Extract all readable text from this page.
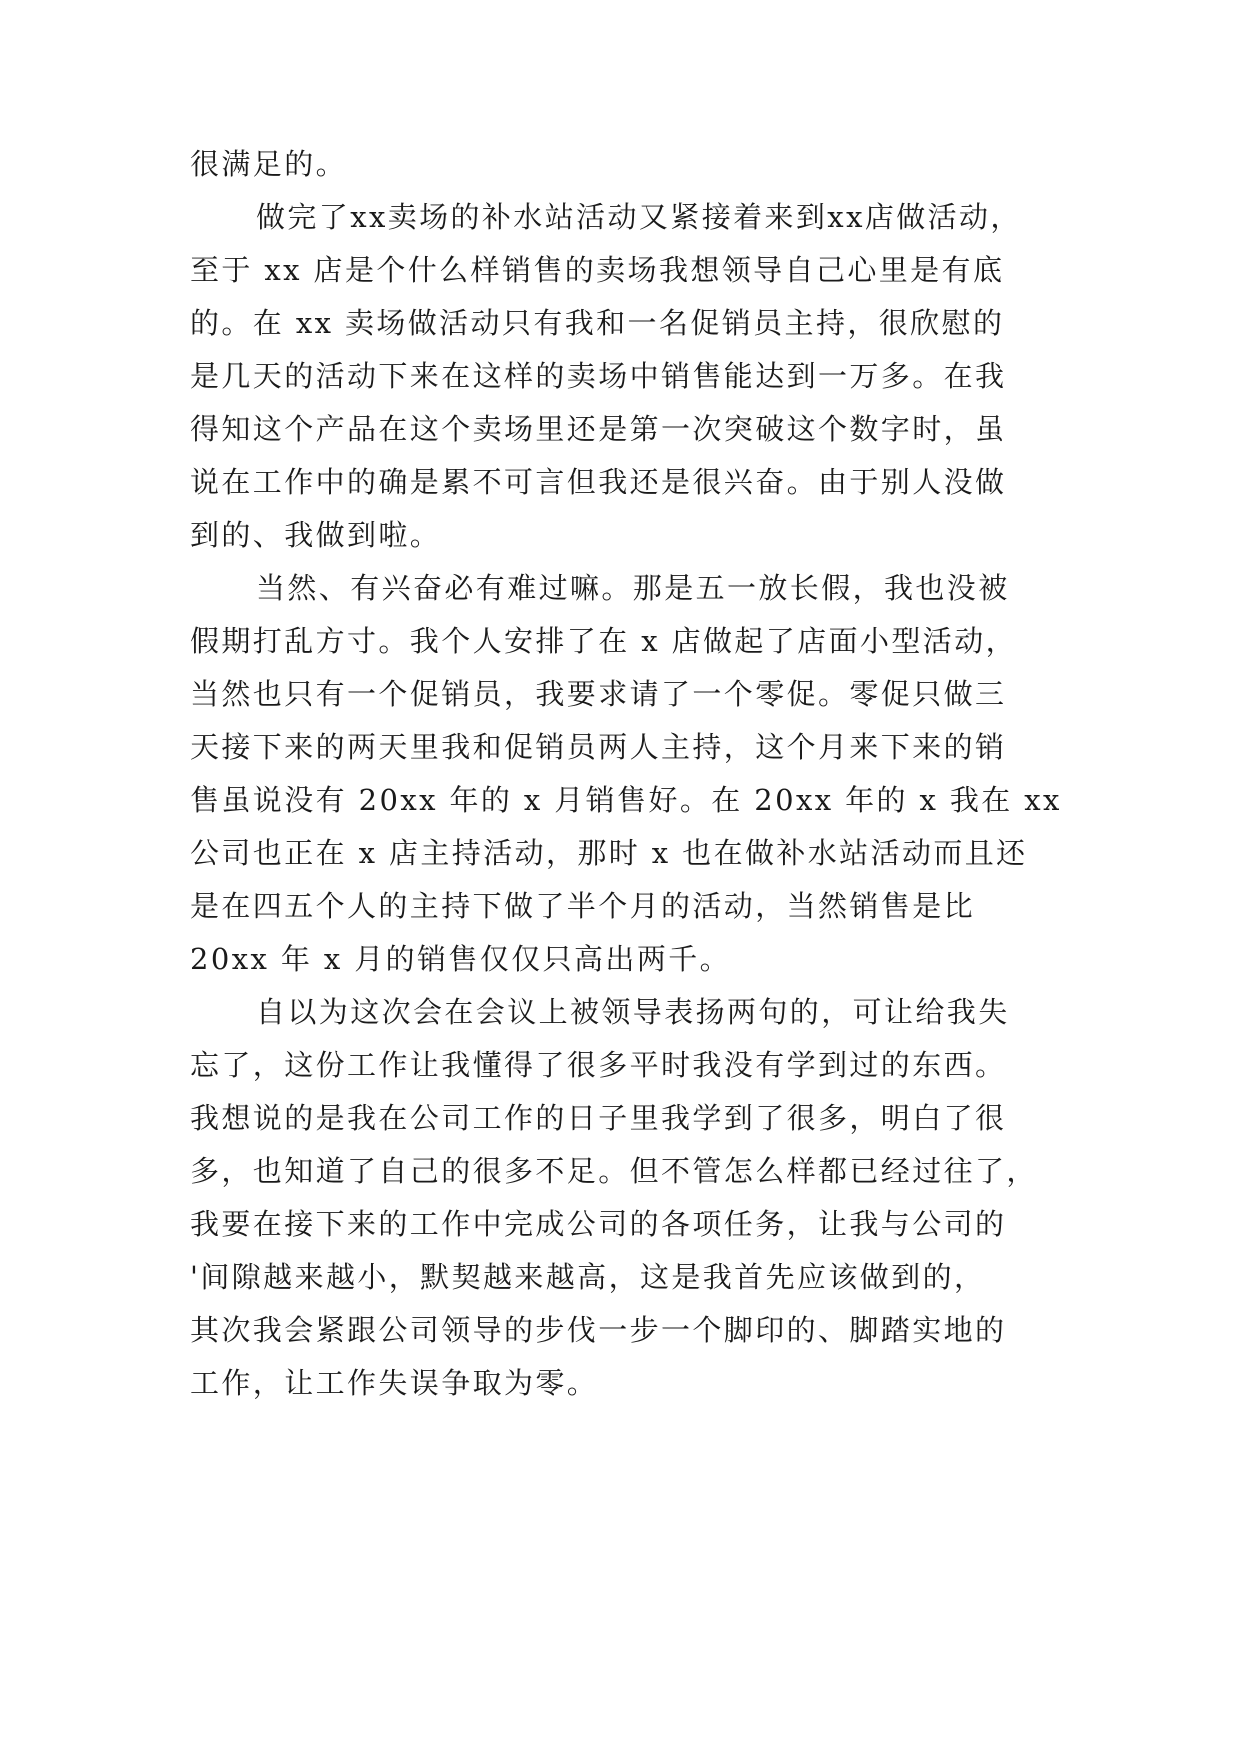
很满足的。
做完了xx卖场的补水站活动又紧接着来到xx店做活动，
至于 xx 店是个什么样销售的卖场我想领导自己心里是有底
的。在 xx 卖场做活动只有我和一名促销员主持，很欣慰的
是几天的活动下来在这样的卖场中销售能达到一万多。在我
得知这个产品在这个卖场里还是第一次突破这个数字时，虽
说在工作中的确是累不可言但我还是很兴奋。由于别人没做
到的、我做到啦。
当然、有兴奋必有难过嘛。那是五一放长假，我也没被
假期打乱方寸。我个人安排了在 x 店做起了店面小型活动，
当然也只有一个促销员，我要求请了一个零促。零促只做三
天接下来的两天里我和促销员两人主持，这个月来下来的销
售虽说没有 20xx 年的 x 月销售好。在 20xx 年的 x 我在 xx
公司也正在 x 店主持活动，那时 x 也在做补水站活动而且还
是在四五个人的主持下做了半个月的活动，当然销售是比
20xx 年 x 月的销售仅仅只高出两千。
自以为这次会在会议上被领导表扬两句的，可让给我失
忘了，这份工作让我懂得了很多平时我没有学到过的东西。
我想说的是我在公司工作的日子里我学到了很多，明白了很
多，也知道了自己的很多不足。但不管怎么样都已经过往了，
我要在接下来的工作中完成公司的各项任务，让我与公司的
'间隙越来越小，默契越来越高，这是我首先应该做到的，
其次我会紧跟公司领导的步伐一步一个脚印的、脚踏实地的
工作，让工作失误争取为零。
